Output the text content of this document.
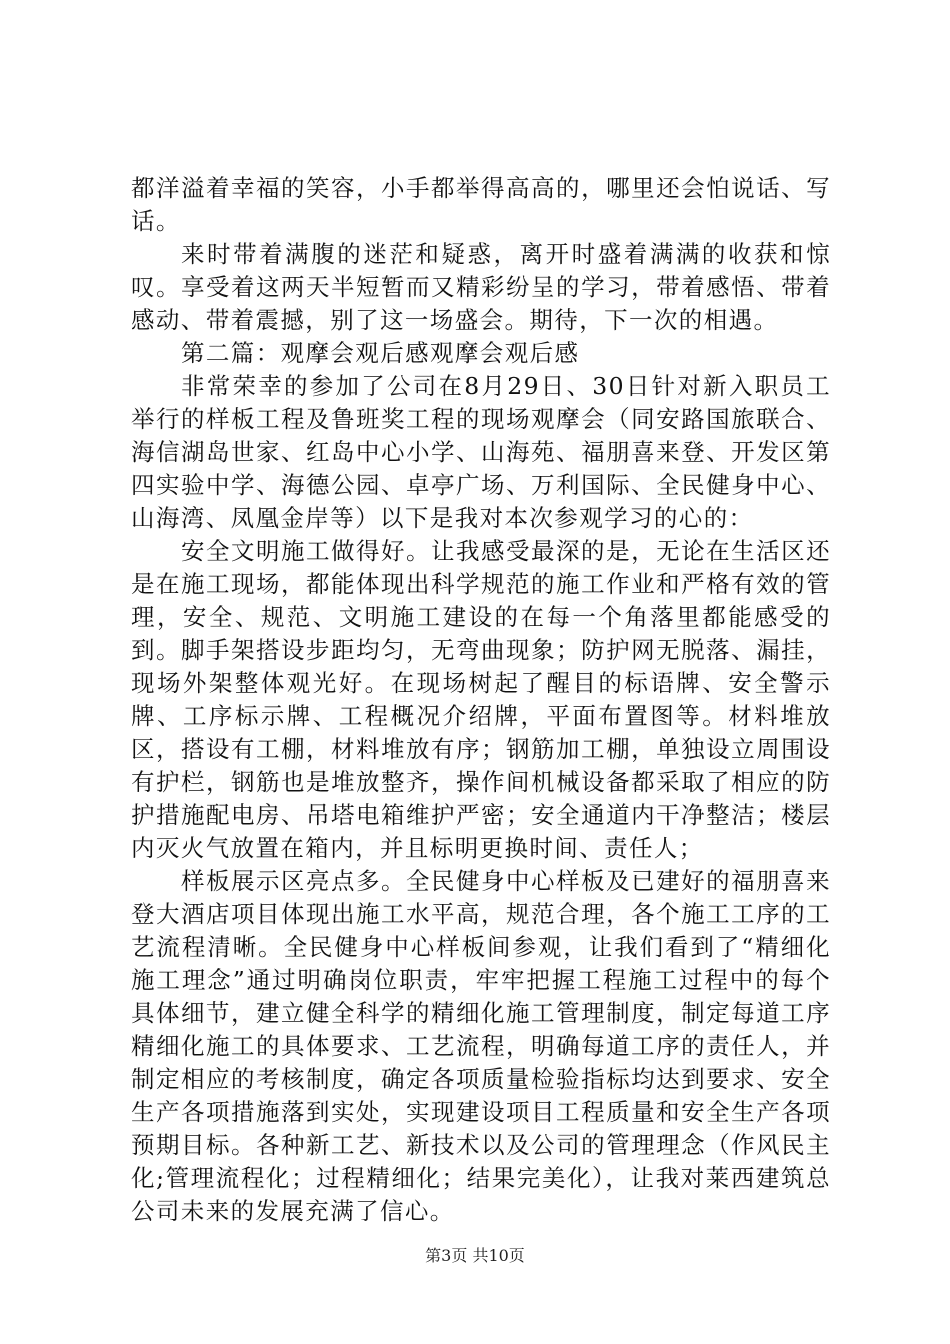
都洋溢着幸福的笑容，小手都举得高高的，哪里还会怕说话、写话。

来时带着满腹的迷茫和疑惑，离开时盛着满满的收获和惊叹。享受着这两天半短暂而又精彩纷呈的学习，带着感悟、带着感动、带着震撼，别了这一场盛会。期待，下一次的相遇。

第二篇：观摩会观后感观摩会观后感

非常荣幸的参加了公司在8月29日、30日针对新入职员工举行的样板工程及鲁班奖工程的现场观摩会（同安路国旅联合、海信湖岛世家、红岛中心小学、山海苑、福朋喜来登、开发区第四实验中学、海德公园、卓亭广场、万利国际、全民健身中心、山海湾、凤凰金岸等）以下是我对本次参观学习的心的：

安全文明施工做得好。让我感受最深的是，无论在生活区还是在施工现场，都能体现出科学规范的施工作业和严格有效的管理，安全、规范、文明施工建设的在每一个角落里都能感受的到。脚手架搭设步距均匀，无弯曲现象；防护网无脱落、漏挂，现场外架整体观光好。在现场树起了醒目的标语牌、安全警示牌、工序标示牌、工程概况介绍牌，平面布置图等。材料堆放区，搭设有工棚，材料堆放有序；钢筋加工棚，单独设立周围设有护栏，钢筋也是堆放整齐，操作间机械设备都采取了相应的防护措施配电房、吊塔电箱维护严密；安全通道内干净整洁；楼层内灭火气放置在箱内，并且标明更换时间、责任人；

样板展示区亮点多。全民健身中心样板及已建好的福朋喜来登大酒店项目体现出施工水平高，规范合理，各个施工工序的工艺流程清晰。全民健身中心样板间参观，让我们看到了“精细化施工理念”通过明确岗位职责，牢牢把握工程施工过程中的每个具体细节，建立健全科学的精细化施工管理制度，制定每道工序精细化施工的具体要求、工艺流程，明确每道工序的责任人，并制定相应的考核制度，确定各项质量检验指标均达到要求、安全生产各项措施落到实处，实现建设项目工程质量和安全生产各项预期目标。各种新工艺、新技术以及公司的管理理念（作风民主化;管理流程化；过程精细化；结果完美化），让我对莱西建筑总公司未来的发展充满了信心。

第3页 共10页
